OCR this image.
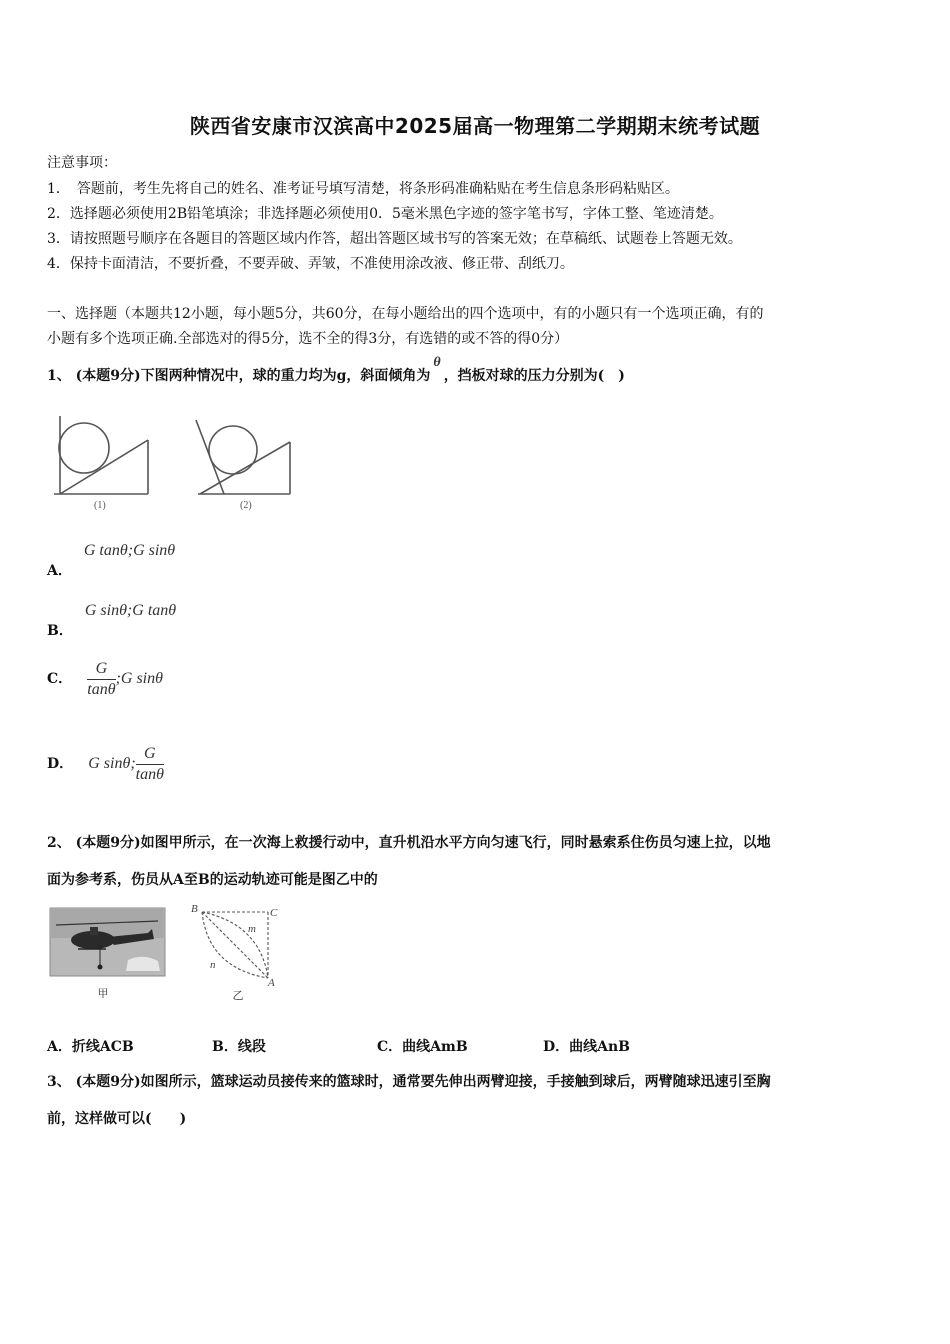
陕西省安康市汉滨高中2025届高一物理第二学期期末统考试题
注意事项：
1．　答题前，考生先将自己的姓名、准考证号填写清楚，将条形码准确粘贴在考生信息条形码粘贴区。
2．选择题必须使用2B铅笔填涂；非选择题必须使用0．5毫米黑色字迹的签字笔书写，字体工整、笔迹清楚。
3．请按照题号顺序在各题目的答题区域内作答，超出答题区域书写的答案无效；在草稿纸、试题卷上答题无效。
4．保持卡面清洁，不要折叠，不要弄破、弄皱，不准使用涂改液、修正带、刮纸刀。
一、选择题（本题共12小题，每小题5分，共60分，在每小题给出的四个选项中，有的小题只有一个选项正确，有的
小题有多个选项正确.全部选对的得5分，选不全的得3分，有选错的或不答的得0分）
1、 (本题9分)下图两种情况中，球的重力均为g，斜面倾角为θ，挡板对球的压力分别为(　)
(1)	(2)
A．G tanθ;G sinθ
B．G sinθ;G tanθ
C． $\frac{G}{\tan\theta}$ ;G sinθ
D． G sinθ; $\frac{G}{\tan\theta}$
2、 (本题9分)如图甲所示，在一次海上救援行动中，直升机沿水平方向匀速飞行，同时悬索系住伤员匀速上拉，以地
面为参考系，伤员从A至B的运动轨迹可能是图乙中的
甲
B	C
A
m
n
乙
A．折线ACB	B．线段	C．曲线AmB	D．曲线AnB
3、 (本题9分)如图所示，篮球运动员接传来的篮球时，通常要先伸出两臂迎接，手接触到球后，两臂随球迅速引至胸
前，这样做可以(　　)
